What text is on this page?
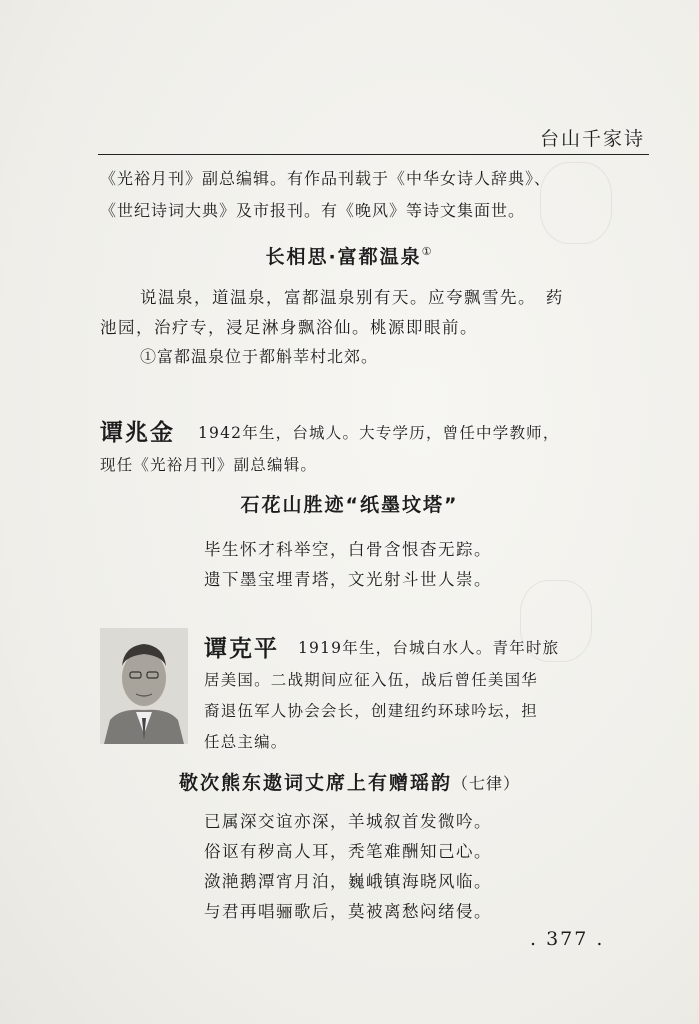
台山千家诗
《光裕月刊》副总编辑。有作品刊载于《中华女诗人辞典》、
《世纪诗词大典》及市报刊。有《晚风》等诗文集面世。
长相思·富都温泉①
说温泉，道温泉，富都温泉别有天。应夸飘雪先。　药
池园，治疗专，浸足淋身飘浴仙。桃源即眼前。
①富都温泉位于都斛莘村北郊。
谭兆金 1942年生，台城人。大专学历，曾任中学教师，
现任《光裕月刊》副总编辑。
石花山胜迹“纸墨坟塔”
毕生怀才科举空，白骨含恨杳无踪。
遗下墨宝埋青塔，文光射斗世人崇。
谭克平 1919年生，台城白水人。青年时旅
居美国。二战期间应征入伍，战后曾任美国华
裔退伍军人协会会长，创建纽约环球吟坛，担
任总主编。
敬次熊东遨词丈席上有赠瑶韵（七律）
已属深交谊亦深，羊城叙首发微吟。
俗讴有秽高人耳，秃笔难酬知己心。
潋滟鹅潭宵月泊，巍峨镇海晓风临。
与君再唱骊歌后，莫被离愁闷绪侵。
. 377 .
